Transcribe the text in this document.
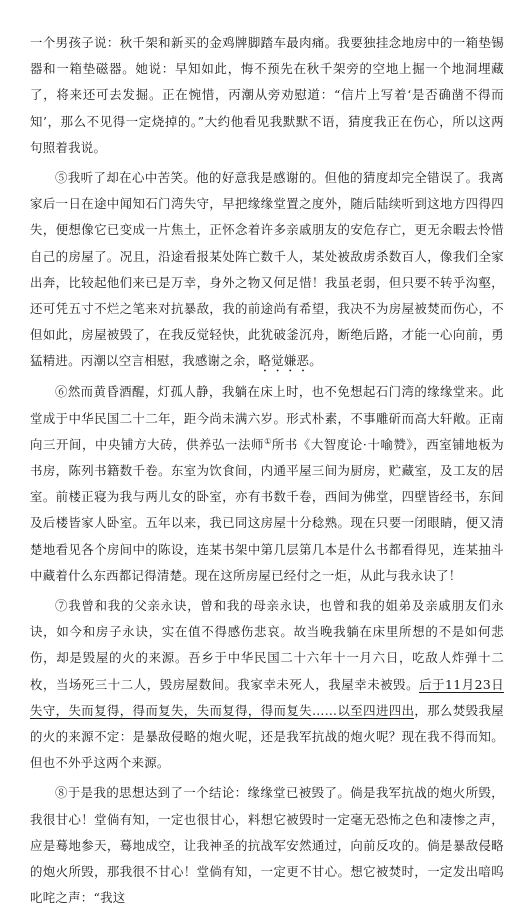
一个男孩子说：秋千架和新买的金鸡牌脚踏车最肉痛。我要独挂念地房中的一箱垫锡器和一箱垫磁器。她说：早知如此，悔不预先在秋千架旁的空地上掘一个地洞埋藏了，将来还可去发掘。正在惋惜，丙潮从旁劝慰道：“信片上写着‘是否确凿不得而知’，那么不见得一定烧掉的。”大约他看见我默默不语，猜度我正在伤心，所以这两句照着我说。

⑤我听了却在心中苦笑。他的好意我是感谢的。但他的猜度却完全错误了。我离家后一日在途中闻知石门湾失守，早把缘缘堂置之度外，随后陆续听到这地方四得四失，便想像它已变成一片焦土，正怀念着许多亲戚朋友的安危存亡，更无余暇去怜惜自己的房屋了。况且，沿途看报某处阵亡数千人，某处被敌虏杀数百人，像我们全家出奔，比较起他们来已是万幸，身外之物又何足惜！我虽老弱，但只要不转乎沟壑，还可凭五寸不烂之笔来对抗暴敌，我的前途尚有希望，我决不为房屋被焚而伤心，不但如此，房屋被毁了，在我反觉轻快，此犹破釜沉舟，断绝后路，才能一心向前，勇猛精进。丙潮以空言相慰，我感谢之余，略觉嫌恶。

⑥然而黄昏酒醒，灯孤人静，我躺在床上时，也不免想起石门湾的缘缘堂来。此堂成于中华民国二十二年，距今尚未满六岁。形式朴素，不事雕斫而高大轩敞。正南向三开间，中央铺方大砖，供养弘一法师①所书《大智度论·十喻赞》，西室铺地板为书房，陈列书籍数千卷。东室为饮食间，内通平屋三间为厨房，贮藏室，及工友的居室。前楼正寝为我与两儿女的卧室，亦有书数千卷，西间为佛堂，四壁皆经书，东间及后楼皆家人卧室。五年以来，我已同这房屋十分稔熟。现在只要一闭眼睛，便又清楚地看见各个房间中的陈设，连某书架中第几层第几本是什么书都看得见，连某抽斗中藏着什么东西都记得清楚。现在这所房屋已经付之一炬，从此与我永诀了！

⑦我曾和我的父亲永诀，曾和我的母亲永诀，也曾和我的姐弟及亲戚朋友们永诀，如今和房子永诀，实在值不得感伤悲哀。故当晚我躺在床里所想的不是如何悲伤，却是毁屋的火的来源。吾乡于中华民国二十六年十一月六日，吃敌人炸弹十二枚，当场死三十二人，毁房屋数间。我家幸未死人，我屋幸未被毁。后于11月23日失守，失而复得，得而复失，失而复得，得而复失……以至四进四出，那么焚毁我屋的火的来源不定：是暴敌侵略的炮火呢，还是我军抗战的炮火呢？现在我不得而知。但也不外乎这两个来源。

⑧于是我的思想达到了一个结论：缘缘堂已被毁了。倘是我军抗战的炮火所毁，我很甘心！堂倘有知，一定也很甘心，料想它被毁时一定毫无恐怖之色和凄惨之声，应是蓦地参天，蓦地成空，让我神圣的抗战军安然通过，向前反攻的。倘是暴敌侵略的炮火所毁，那我很不甘心！堂倘有知，一定更不甘心。想它被焚时，一定发出喑呜叱咤之声：“我这
